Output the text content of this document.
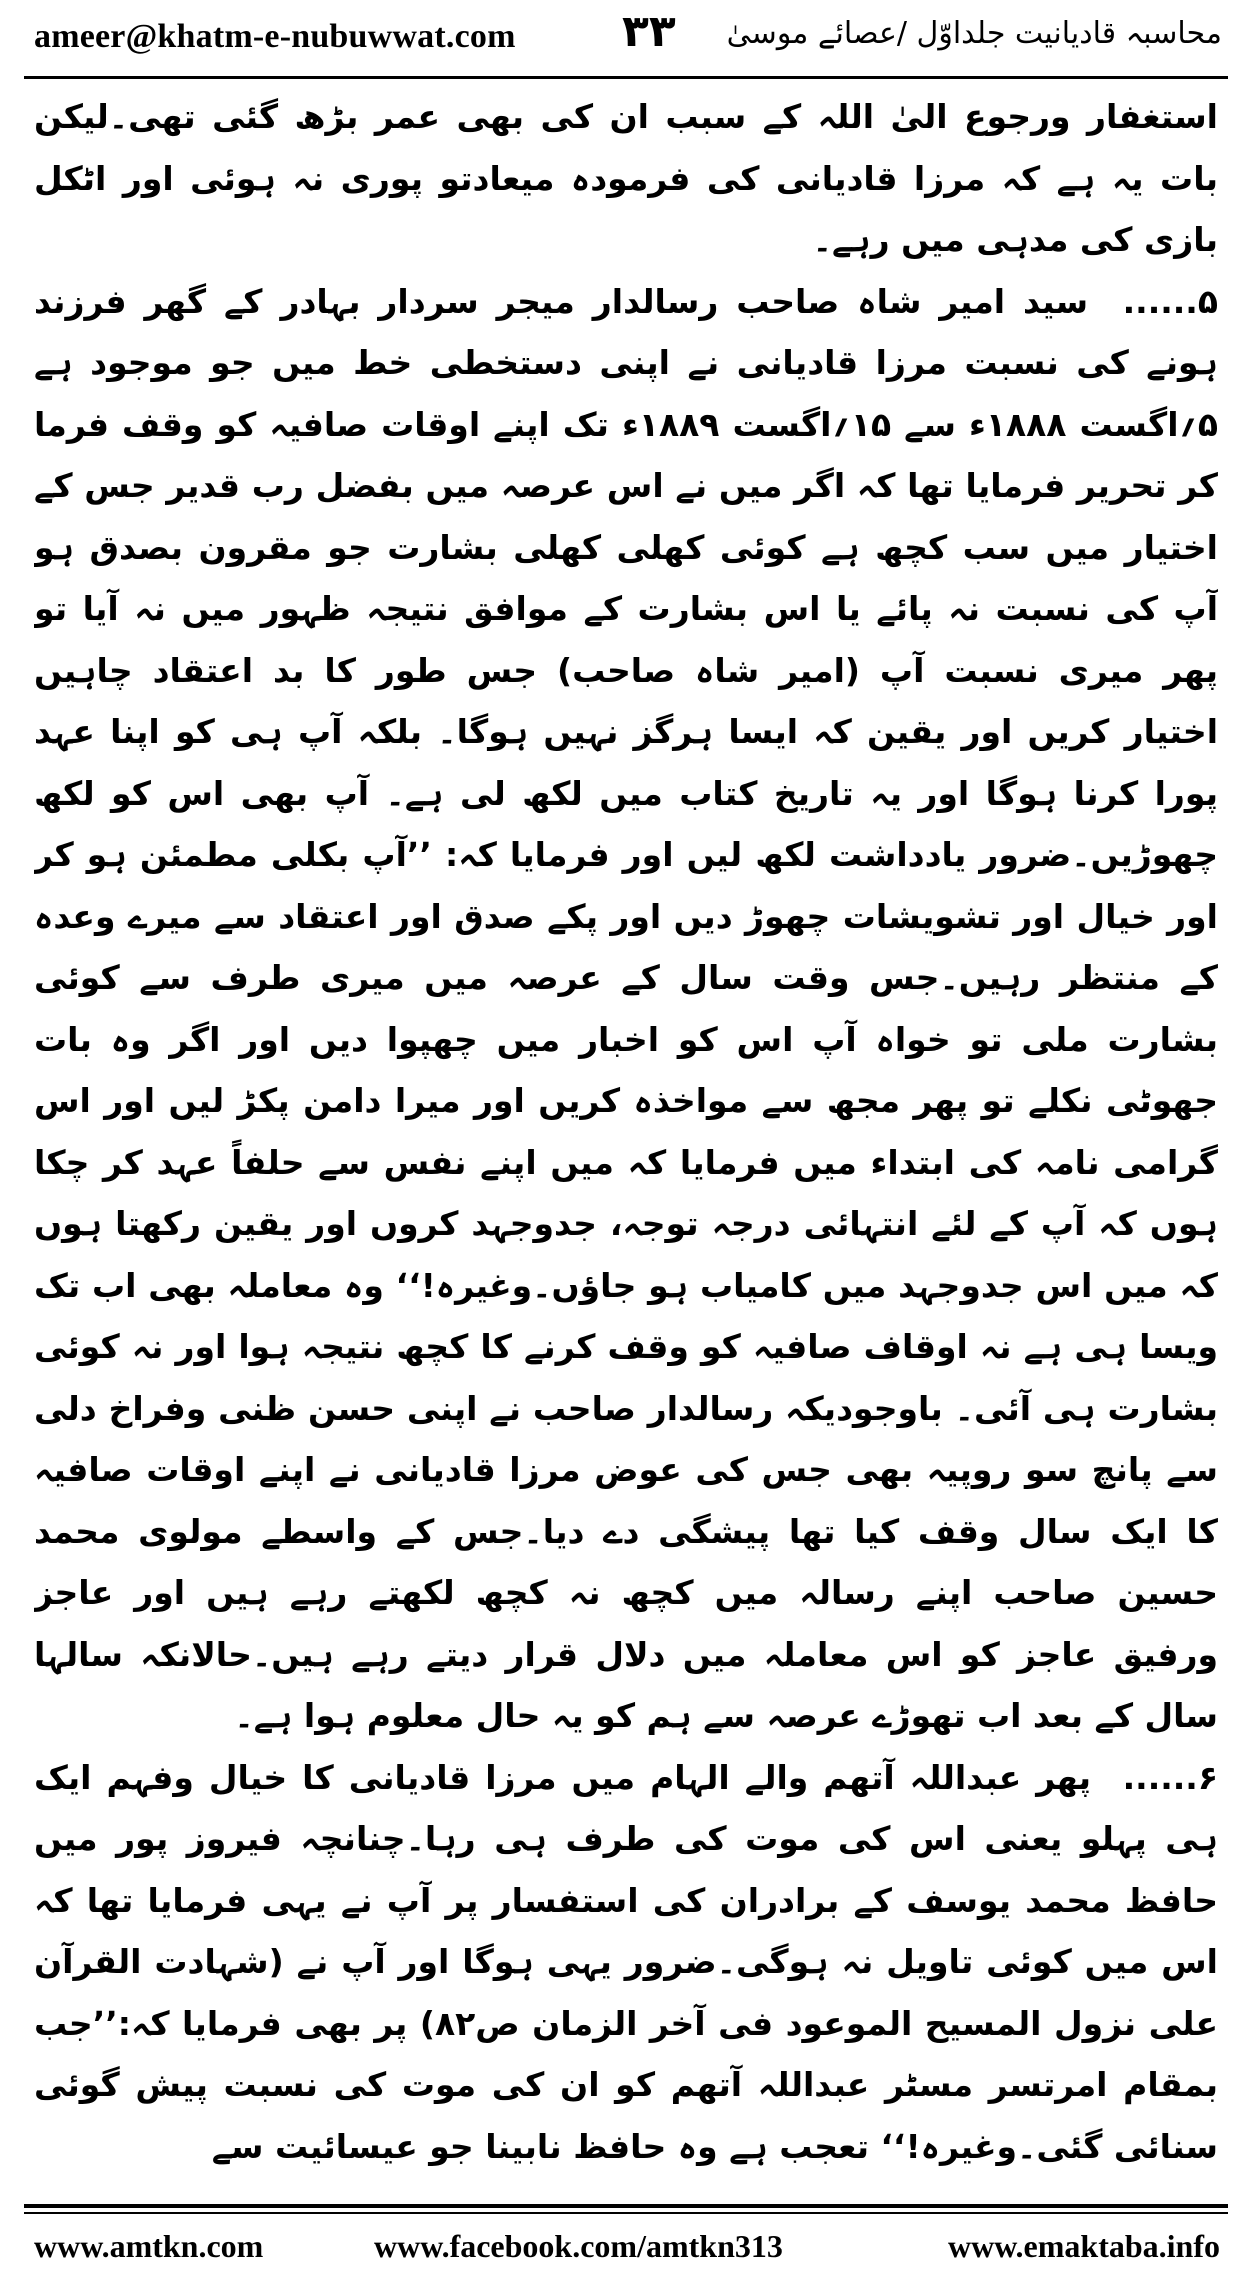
ameer@khatm-e-nubuwwat.com ۳۳ محاسبہ قادیانیت جلداوّل /عصائے موسیٰ

استغفار ورجوع الیٰ اللہ کے سبب ان کی بھی عمر بڑھ گئی تھی۔لیکن بات یہ ہے کہ مرزا قادیانی کی فرمودہ میعادتو پوری نہ ہوئی اور اٹکل بازی کی مدہی میں رہے۔

۵...... سید امیر شاہ صاحب رسالدار میجر سردار بہادر کے گھر فرزند ہونے کی نسبت مرزا قادیانی نے اپنی دستخطی خط میں جو موجود ہے ۵؍اگست ۱۸۸۸ء سے ۱۵؍اگست ۱۸۸۹ء تک اپنے اوقات صافیہ کو وقف فرما کر تحریر فرمایا تھا کہ اگر میں نے اس عرصہ میں بفضل رب قدیر جس کے اختیار میں سب کچھ ہے کوئی کھلی کھلی بشارت جو مقرون بصدق ہو آپ کی نسبت نہ پائے یا اس بشارت کے موافق نتیجہ ظہور میں نہ آیا تو پھر میری نسبت آپ (امیر شاہ صاحب) جس طور کا بد اعتقاد چاہیں اختیار کریں اور یقین کہ ایسا ہرگز نہیں ہوگا۔ بلکہ آپ ہی کو اپنا عہد پورا کرنا ہوگا اور یہ تاریخ کتاب میں لکھ لی ہے۔ آپ بھی اس کو لکھ چھوڑیں۔ضرور یادداشت لکھ لیں اور فرمایا کہ: ’’آپ بکلی مطمئن ہو کر اور خیال اور تشویشات چھوڑ دیں اور پکے صدق اور اعتقاد سے میرے وعدہ کے منتظر رہیں۔جس وقت سال کے عرصہ میں میری طرف سے کوئی بشارت ملی تو خواہ آپ اس کو اخبار میں چھپوا دیں اور اگر وہ بات جھوٹی نکلے تو پھر مجھ سے مواخذہ کریں اور میرا دامن پکڑ لیں اور اس گرامی نامہ کی ابتداء میں فرمایا کہ میں اپنے نفس سے حلفاً عہد کر چکا ہوں کہ آپ کے لئے انتہائی درجہ توجہ، جدوجہد کروں اور یقین رکھتا ہوں کہ میں اس جدوجہد میں کامیاب ہو جاؤں۔وغیرہ!‘‘ وہ معاملہ بھی اب تک ویسا ہی ہے نہ اوقاف صافیہ کو وقف کرنے کا کچھ نتیجہ ہوا اور نہ کوئی بشارت ہی آئی۔ باوجودیکہ رسالدار صاحب نے اپنی حسن ظنی وفراخ دلی سے پانچ سو روپیہ بھی جس کی عوض مرزا قادیانی نے اپنے اوقات صافیہ کا ایک سال وقف کیا تھا پیشگی دے دیا۔جس کے واسطے مولوی محمد حسین صاحب اپنے رسالہ میں کچھ نہ کچھ لکھتے رہے ہیں اور عاجز ورفیق عاجز کو اس معاملہ میں دلال قرار دیتے رہے ہیں۔حالانکہ سالہا سال کے بعد اب تھوڑے عرصہ سے ہم کو یہ حال معلوم ہوا ہے۔

۶...... پھر عبداللہ آتھم والے الہام میں مرزا قادیانی کا خیال وفہم ایک ہی پہلو یعنی اس کی موت کی طرف ہی رہا۔چنانچہ فیروز پور میں حافظ محمد یوسف کے برادران کی استفسار پر آپ نے یہی فرمایا تھا کہ اس میں کوئی تاویل نہ ہوگی۔ضرور یہی ہوگا اور آپ نے (شہادت القرآن علی نزول المسیح الموعود فی آخر الزمان ص۸۲) پر بھی فرمایا کہ:’’جب بمقام امرتسر مسٹر عبداللہ آتھم کو ان کی موت کی نسبت پیش گوئی سنائی گئی۔وغیرہ!‘‘ تعجب ہے وہ حافظ نابینا جو عیسائیت سے

www.amtkn.com	www.facebook.com/amtkn313	www.emaktaba.info
